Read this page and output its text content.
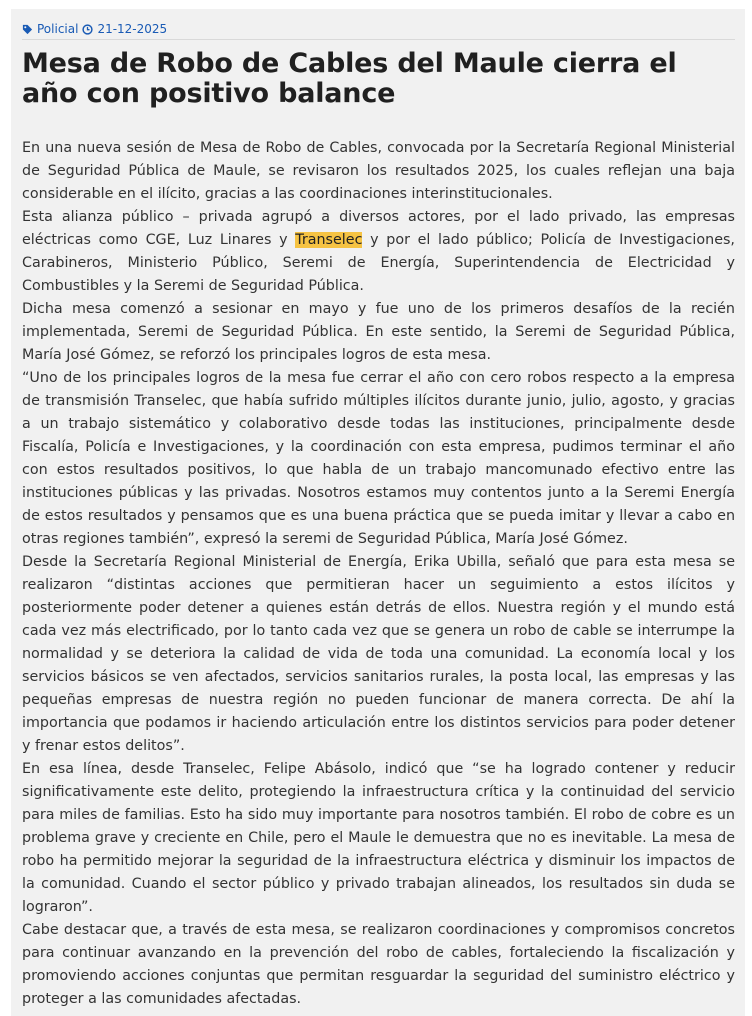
Policial 21-12-2025
Mesa de Robo de Cables del Maule cierra el año con positivo balance

En una nueva sesión de Mesa de Robo de Cables, convocada por la Secretaría Regional Ministerial de Seguridad Pública de Maule, se revisaron los resultados 2025, los cuales reflejan una baja considerable en el ilícito, gracias a las coordinaciones interinstitucionales.

Esta alianza público – privada agrupó a diversos actores, por el lado privado, las empresas eléctricas como CGE, Luz Linares y Transelec y por el lado público; Policía de Investigaciones, Carabineros, Ministerio Público, Seremi de Energía, Superintendencia de Electricidad y Combustibles y la Seremi de Seguridad Pública.

Dicha mesa comenzó a sesionar en mayo y fue uno de los primeros desafíos de la recién implementada, Seremi de Seguridad Pública. En este sentido, la Seremi de Seguridad Pública, María José Gómez, se reforzó los principales logros de esta mesa.

“Uno de los principales logros de la mesa fue cerrar el año con cero robos respecto a la empresa de transmisión Transelec, que había sufrido múltiples ilícitos durante junio, julio, agosto, y gracias a un trabajo sistemático y colaborativo desde todas las instituciones, principalmente desde Fiscalía, Policía e Investigaciones, y la coordinación con esta empresa, pudimos terminar el año con estos resultados positivos, lo que habla de un trabajo mancomunado efectivo entre las instituciones públicas y las privadas. Nosotros estamos muy contentos junto a la Seremi Energía de estos resultados y pensamos que es una buena práctica que se pueda imitar y llevar a cabo en otras regiones también”, expresó la seremi de Seguridad Pública, María José Gómez.

Desde la Secretaría Regional Ministerial de Energía, Erika Ubilla, señaló que para esta mesa se realizaron “distintas acciones que permitieran hacer un seguimiento a estos ilícitos y posteriormente poder detener a quienes están detrás de ellos. Nuestra región y el mundo está cada vez más electrificado, por lo tanto cada vez que se genera un robo de cable se interrumpe la normalidad y se deteriora la calidad de vida de toda una comunidad. La economía local y los servicios básicos se ven afectados, servicios sanitarios rurales, la posta local, las empresas y las pequeñas empresas de nuestra región no pueden funcionar de manera correcta. De ahí la importancia que podamos ir haciendo articulación entre los distintos servicios para poder detener y frenar estos delitos”.

En esa línea, desde Transelec, Felipe Abásolo, indicó que “se ha logrado contener y reducir significativamente este delito, protegiendo la infraestructura crítica y la continuidad del servicio para miles de familias. Esto ha sido muy importante para nosotros también. El robo de cobre es un problema grave y creciente en Chile, pero el Maule le demuestra que no es inevitable. La mesa de robo ha permitido mejorar la seguridad de la infraestructura eléctrica y disminuir los impactos de la comunidad. Cuando el sector público y privado trabajan alineados, los resultados sin duda se lograron”.

Cabe destacar que, a través de esta mesa, se realizaron coordinaciones y compromisos concretos para continuar avanzando en la prevención del robo de cables, fortaleciendo la fiscalización y promoviendo acciones conjuntas que permitan resguardar la seguridad del suministro eléctrico y proteger a las comunidades afectadas.
